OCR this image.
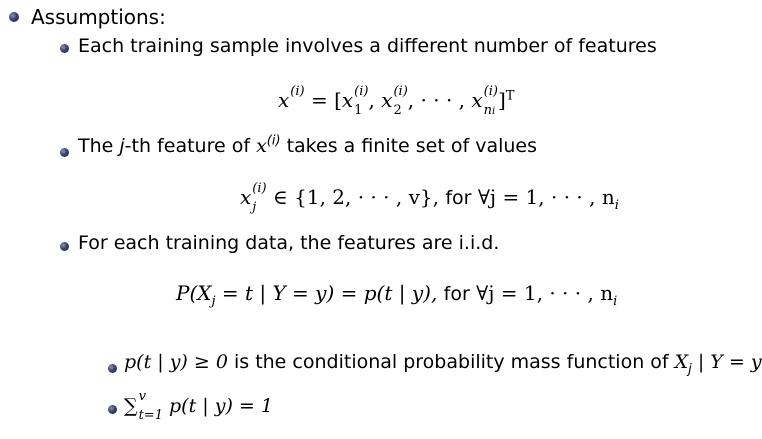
Assumptions:
Each training sample involves a different number of features
x (i) = [x (i)
1 , x (i)
2 , · · · , x (i)
ni ]$^T$
The j-th feature of $x^{(i)}$ takes a finite set of values
x (i)
j ∈ {1, 2, · · · , v}, for ∀j = 1, · · · , $n_i$
For each training data, the features are i.i.d.
$P(X_j = t$ | Y = y) = p(t | y), for ∀j = 1, · · · , $n_i$
p(t | y) ≥ 0 is the conditional probability mass function of $X_j$ | Y = y
∑ v
t=1 p(t | y) = 1
